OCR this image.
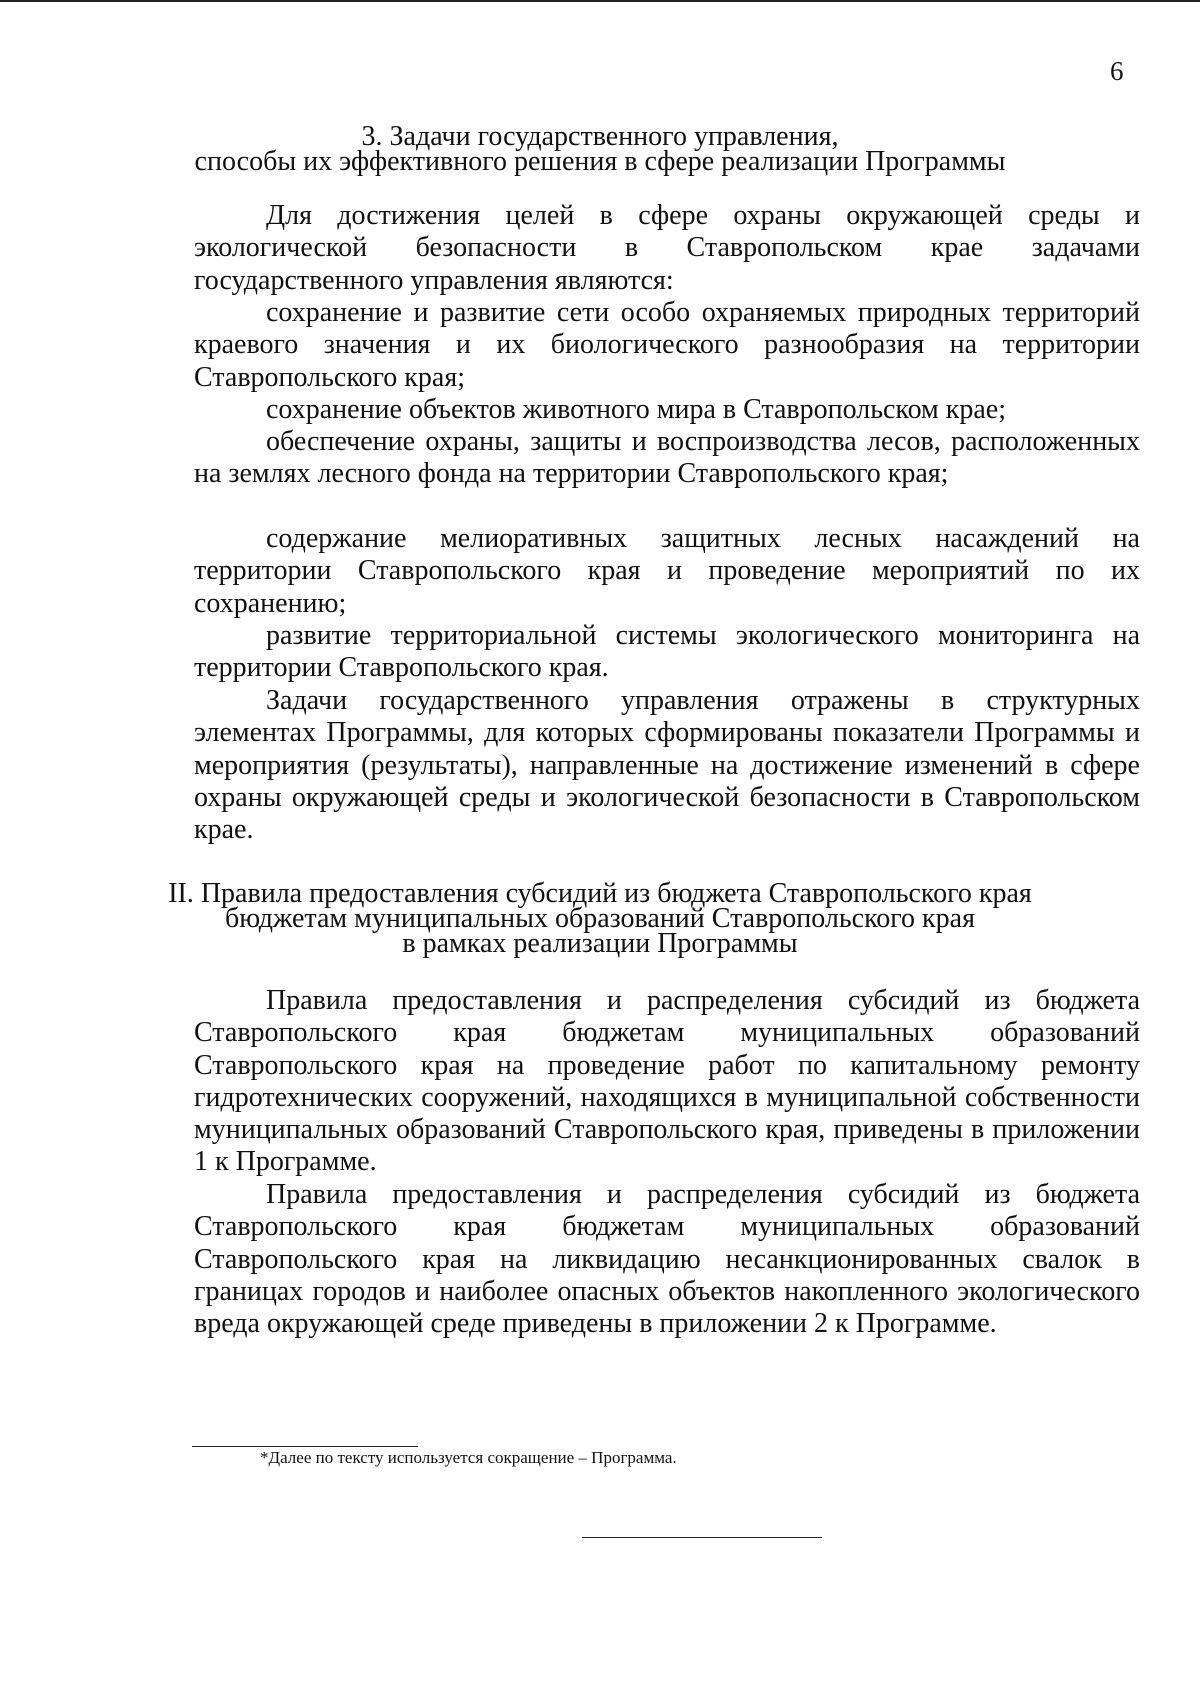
6
3. Задачи государственного управления,
способы их эффективного решения в сфере реализации Программы

Для достижения целей в сфере охраны окружающей среды и экологической безопасности в Ставропольском крае задачами государственного управления являются:

сохранение и развитие сети особо охраняемых природных территорий краевого значения и их биологического разнообразия на территории Ставропольского края;

сохранение объектов животного мира в Ставропольском крае;

обеспечение охраны, защиты и воспроизводства лесов, расположенных на землях лесного фонда на территории Ставропольского края;

содержание мелиоративных защитных лесных насаждений на территории Ставропольского края и проведение мероприятий по их сохранению;

развитие территориальной системы экологического мониторинга на территории Ставропольского края.

Задачи государственного управления отражены в структурных элементах Программы, для которых сформированы показатели Программы и мероприятия (результаты), направленные на достижение изменений в сфере охраны окружающей среды и экологической безопасности в Ставропольском крае.

II. Правила предоставления субсидий из бюджета Ставропольского края
бюджетам муниципальных образований Ставропольского края
в рамках реализации Программы

Правила предоставления и распределения субсидий из бюджета Ставропольского края бюджетам муниципальных образований Ставропольского края на проведение работ по капитальному ремонту гидротехнических сооружений, находящихся в муниципальной собственности муниципальных образований Ставропольского края, приведены в приложении 1 к Программе.

Правила предоставления и распределения субсидий из бюджета Ставропольского края бюджетам муниципальных образований Ставропольского края на ликвидацию несанкционированных свалок в границах городов и наиболее опасных объектов накопленного экологического вреда окружающей среде приведены в приложении 2 к Программе.

*Далее по тексту используется сокращение – Программа.
